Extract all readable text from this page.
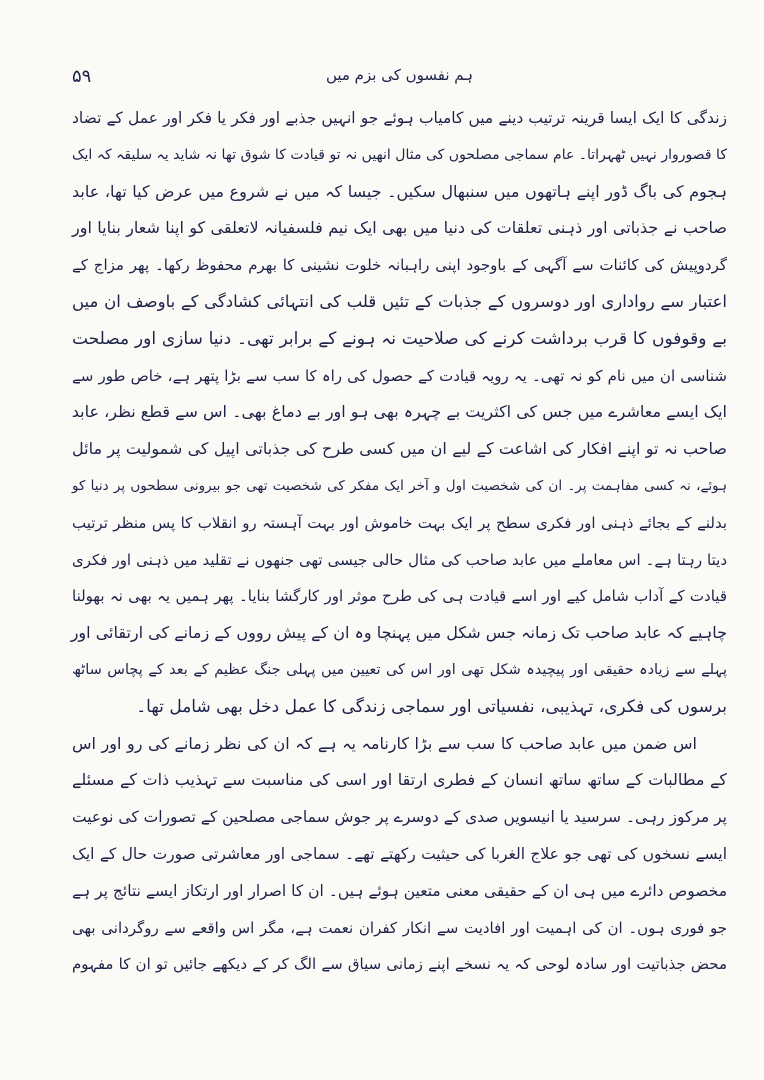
۵۹	ہم نفسوں کی بزم میں
زندگی کا ایک ایسا قرینہ ترتیب دینے میں کامیاب ہوئے جو انہیں جذبے اور فکر یا فکر اور عمل کے تضاد
کا قصوروار نہیں ٹھہراتا۔ عام سماجی مصلحوں کی مثال انھیں نہ تو قیادت کا شوق تھا نہ شاید یہ سلیقہ کہ ایک
ہجوم کی باگ ڈور اپنے ہاتھوں میں سنبھال سکیں۔ جیسا کہ میں نے شروع میں عرض کیا تھا، عابد
صاحب نے جذباتی اور ذہنی تعلقات کی دنیا میں بھی ایک نیم فلسفیانہ لاتعلقی کو اپنا شعار بنایا اور
گردوپیش کی کائنات سے آگہی کے باوجود اپنی راہبانہ خلوت نشینی کا بھرم محفوظ رکھا۔ پھر مزاج کے
اعتبار سے رواداری اور دوسروں کے جذبات کے تئیں قلب کی انتہائی کشادگی کے باوصف ان میں
بے وقوفوں کا قرب برداشت کرنے کی صلاحیت نہ ہونے کے برابر تھی۔ دنیا سازی اور مصلحت
شناسی ان میں نام کو نہ تھی۔ یہ رویہ قیادت کے حصول کی راہ کا سب سے بڑا پتھر ہے، خاص طور سے
ایک ایسے معاشرے میں جس کی اکثریت بے چہرہ بھی ہو اور بے دماغ بھی۔ اس سے قطع نظر، عابد
صاحب نہ تو اپنے افکار کی اشاعت کے لیے ان میں کسی طرح کی جذباتی اپیل کی شمولیت پر مائل
ہوئے، نہ کسی مفاہمت پر۔ ان کی شخصیت اول و آخر ایک مفکر کی شخصیت تھی جو بیرونی سطحوں پر دنیا کو
بدلنے کے بجائے ذہنی اور فکری سطح پر ایک بہت خاموش اور بہت آہستہ رو انقلاب کا پس منظر ترتیب
دیتا رہتا ہے۔ اس معاملے میں عابد صاحب کی مثال حالی جیسی تھی جنھوں نے تقلید میں ذہنی اور فکری
قیادت کے آداب شامل کیے اور اسے قیادت ہی کی طرح موثر اور کارگشا بنایا۔ پھر ہمیں یہ بھی نہ بھولنا
چاہیے کہ عابد صاحب تک زمانہ جس شکل میں پہنچا وہ ان کے پیش رووں کے زمانے کی ارتقائی اور
پہلے سے زیادہ حقیقی اور پیچیدہ شکل تھی اور اس کی تعیین میں پہلی جنگ عظیم کے بعد کے پچاس ساٹھ
برسوں کی فکری، تہذیبی، نفسیاتی اور سماجی زندگی کا عمل دخل بھی شامل تھا۔
اس ضمن میں عابد صاحب کا سب سے بڑا کارنامہ یہ ہے کہ ان کی نظر زمانے کی رو اور اس
کے مطالبات کے ساتھ ساتھ انسان کے فطری ارتقا اور اسی کی مناسبت سے تہذیب ذات کے مسئلے
پر مرکوز رہی۔ سرسید یا انیسویں صدی کے دوسرے پر جوش سماجی مصلحین کے تصورات کی نوعیت
ایسے نسخوں کی تھی جو علاج الغربا کی حیثیت رکھتے تھے۔ سماجی اور معاشرتی صورت حال کے ایک
مخصوص دائرے میں ہی ان کے حقیقی معنی متعین ہوئے ہیں۔ ان کا اصرار اور ارتکاز ایسے نتائج پر ہے
جو فوری ہوں۔ ان کی اہمیت اور افادیت سے انکار کفران نعمت ہے، مگر اس واقعے سے روگردانی بھی
محض جذباتیت اور سادہ لوحی کہ یہ نسخے اپنے زمانی سیاق سے الگ کر کے دیکھے جائیں تو ان کا مفہوم
